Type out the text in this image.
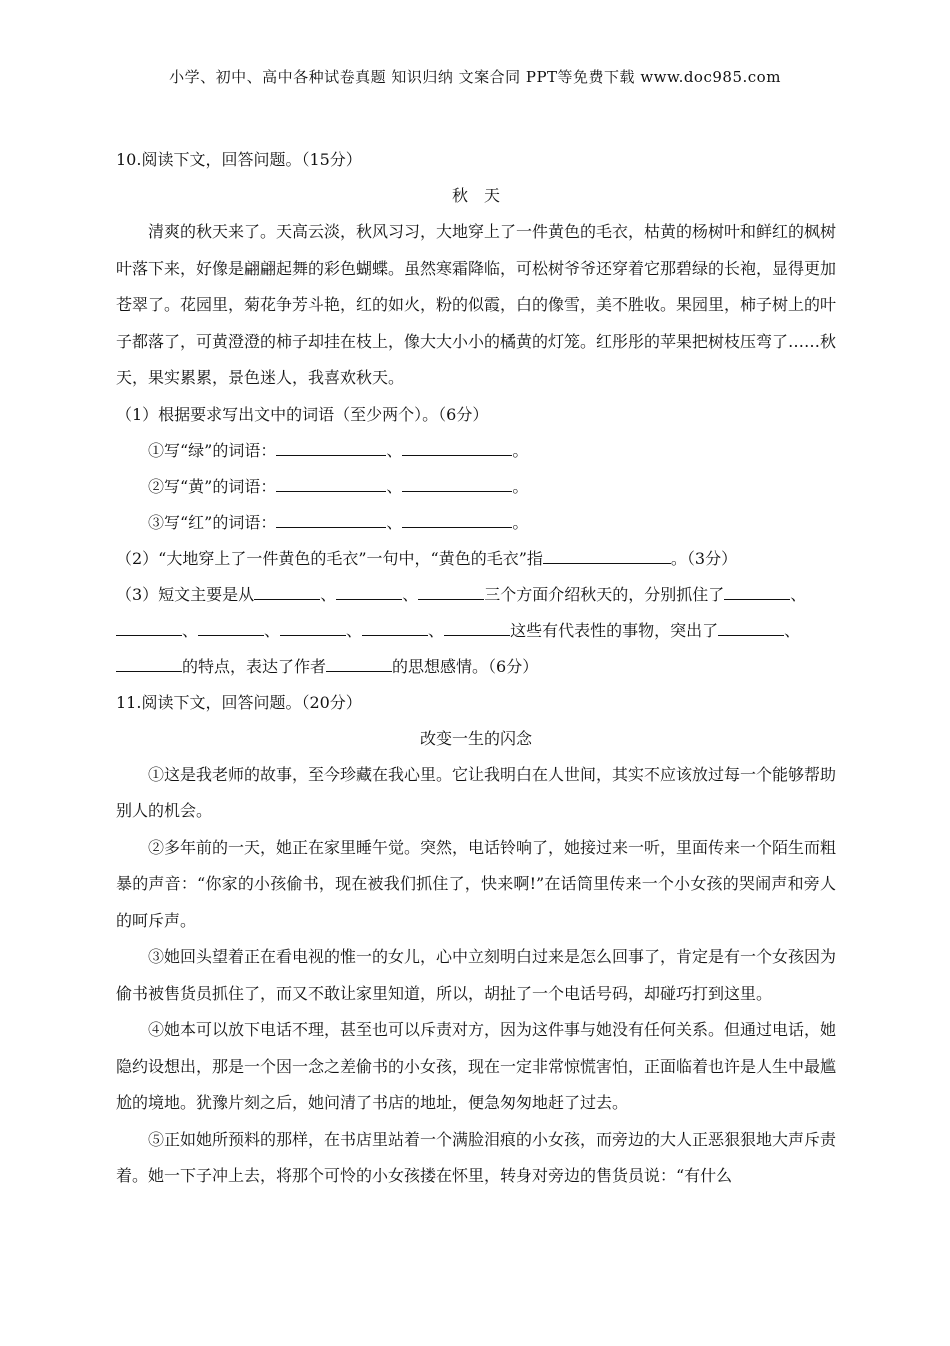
小学、初中、高中各种试卷真题 知识归纳 文案合同 PPT等免费下载 www.doc985.com

10.阅读下文，回答问题。（15分）

秋天

清爽的秋天来了。天高云淡，秋风习习，大地穿上了一件黄色的毛衣，枯黄的杨树叶和鲜红的枫树叶落下来，好像是翩翩起舞的彩色蝴蝶。虽然寒霜降临，可松树爷爷还穿着它那碧绿的长袍，显得更加苍翠了。花园里，菊花争芳斗艳，红的如火，粉的似霞，白的像雪，美不胜收。果园里，柿子树上的叶子都落了，可黄澄澄的柿子却挂在枝上，像大大小小的橘黄的灯笼。红彤彤的苹果把树枝压弯了……秋天，果实累累，景色迷人，我喜欢秋天。

（1）根据要求写出文中的词语（至少两个）。（6分）

①写“绿”的词语：	、	。

②写“黄”的词语：	、	。

③写“红”的词语：	、	。

（2）“大地穿上了一件黄色的毛衣”一句中，“黄色的毛衣”指	。（3分）

（3）短文主要是从	、	、	三个方面介绍秋天的，分别抓住了	、

、	、	、	、	这些有代表性的事物，突出了	、

的特点，表达了作者	的思想感情。（6分）

11.阅读下文，回答问题。（20分）

改变一生的闪念

①这是我老师的故事，至今珍藏在我心里。它让我明白在人世间，其实不应该放过每一个能够帮助别人的机会。

②多年前的一天，她正在家里睡午觉。突然，电话铃响了，她接过来一听，里面传来一个陌生而粗暴的声音：“你家的小孩偷书，现在被我们抓住了，快来啊!”在话筒里传来一个小女孩的哭闹声和旁人的呵斥声。

③她回头望着正在看电视的惟一的女儿，心中立刻明白过来是怎么回事了，肯定是有一个女孩因为偷书被售货员抓住了，而又不敢让家里知道，所以，胡扯了一个电话号码，却碰巧打到这里。

④她本可以放下电话不理，甚至也可以斥责对方，因为这件事与她没有任何关系。但通过电话，她隐约设想出，那是一个因一念之差偷书的小女孩，现在一定非常惊慌害怕，正面临着也许是人生中最尴尬的境地。犹豫片刻之后，她问清了书店的地址，便急匆匆地赶了过去。

⑤正如她所预料的那样，在书店里站着一个满脸泪痕的小女孩，而旁边的大人正恶狠狠地大声斥责着。她一下子冲上去，将那个可怜的小女孩搂在怀里，转身对旁边的售货员说：“有什么
